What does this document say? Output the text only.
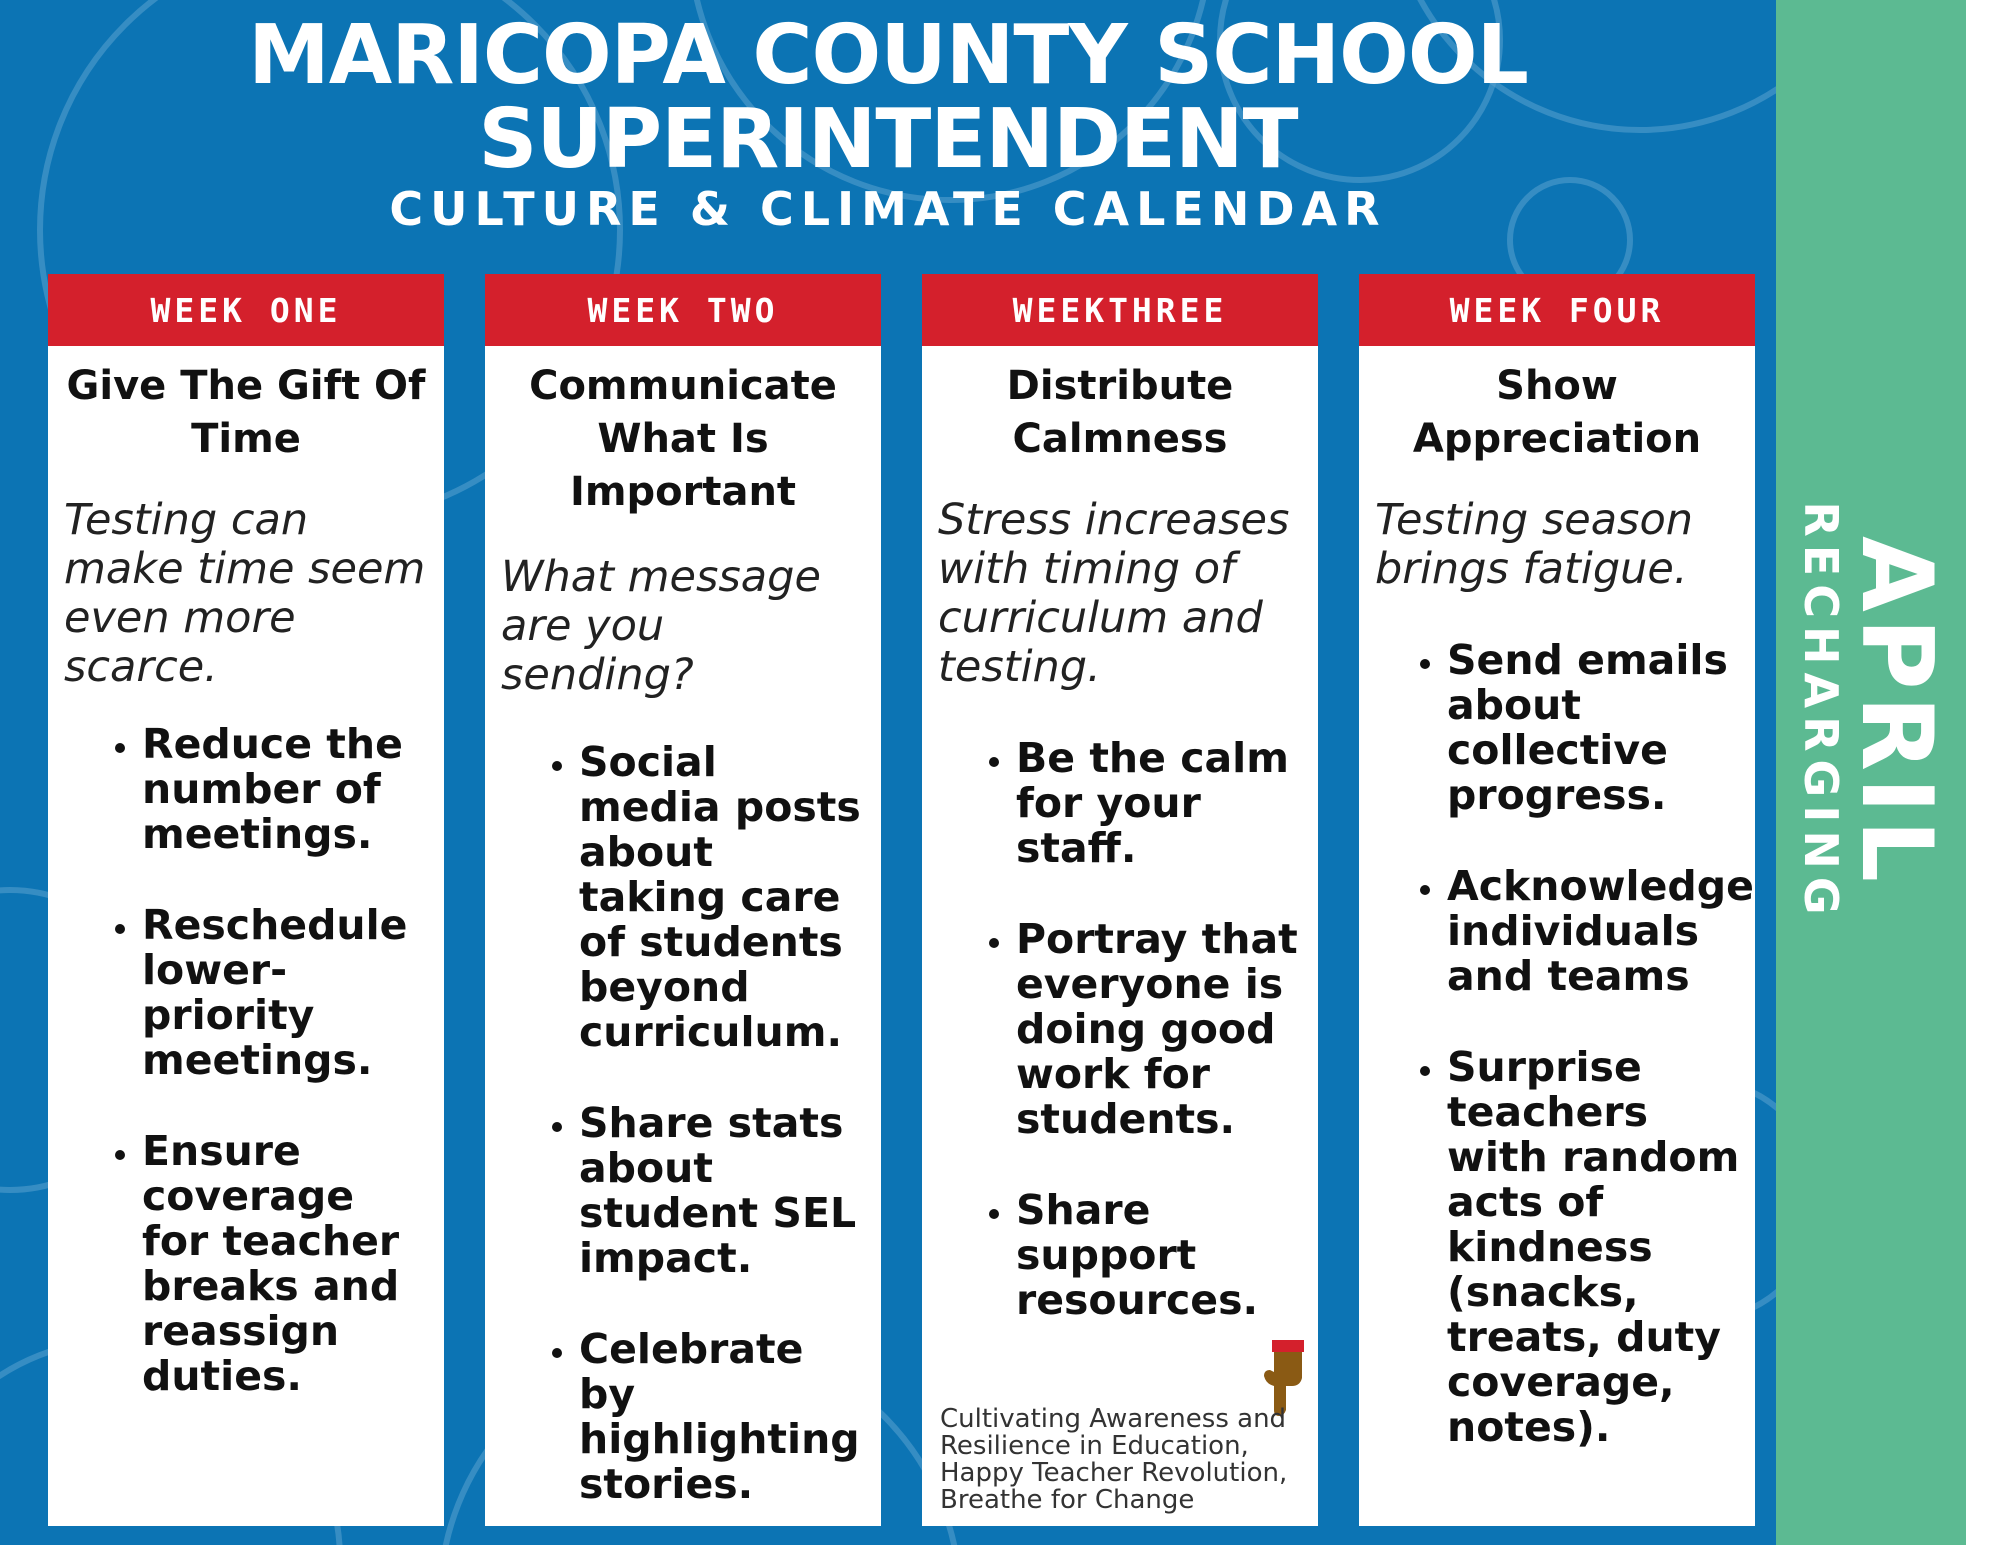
MARICOPA COUNTY SCHOOL SUPERINTENDENT

CULTURE & CLIMATE CALENDAR

WEEK ONE
Give The Gift Of Time
Testing can make time seem even more scarce.
• Reduce the number of meetings.
• Reschedule lower-priority meetings.
• Ensure coverage for teacher breaks and reassign duties.
WEEK TWO
Communicate What Is Important
What message are you sending?
• Social media posts about taking care of students beyond curriculum.
• Share stats about student SEL impact.
• Celebrate by highlighting stories.
WEEKTHREE
Distribute Calmness
Stress increases with timing of curriculum and testing.
• Be the calm for your staff.
• Portray that everyone is doing good work for students.
• Share support resources.
Cultivating Awareness and Resilience in Education, Happy Teacher Revolution, Breathe for Change
WEEK FOUR
Show Appreciation
Testing season brings fatigue.
• Send emails about collective progress.
• Acknowledge individuals and teams
• Surprise teachers with random acts of kindness (snacks, treats, duty coverage, notes).
APRIL
RECHARGING
